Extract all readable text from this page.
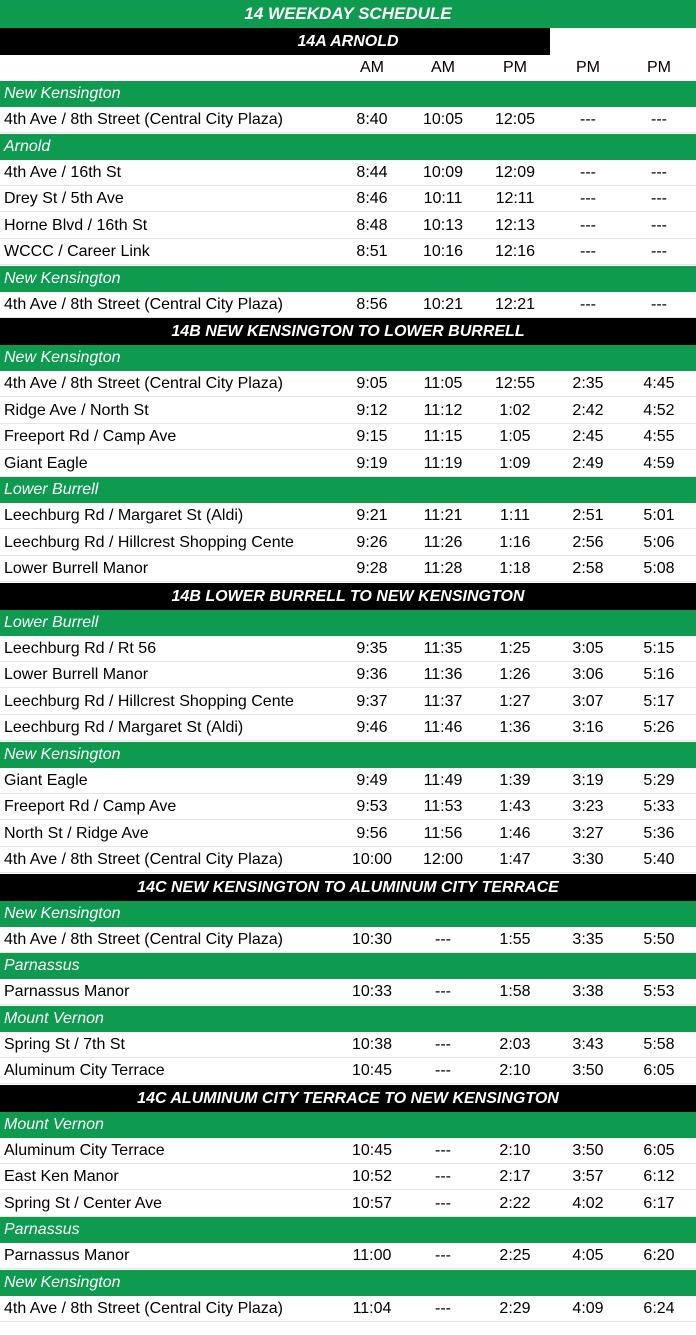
14 WEEKDAY SCHEDULE
14A ARNOLD
AM	AM	PM	PM	PM
New Kensington
4th Ave / 8th Street (Central City Plaza)	8:40	10:05	12:05	---	---
Arnold
4th Ave / 16th St	8:44	10:09	12:09	---	---
Drey St / 5th Ave	8:46	10:11	12:11	---	---
Horne Blvd / 16th St	8:48	10:13	12:13	---	---
WCCC / Career Link	8:51	10:16	12:16	---	---
New Kensington
4th Ave / 8th Street (Central City Plaza)	8:56	10:21	12:21	---	---
14B NEW KENSINGTON TO LOWER BURRELL
New Kensington
4th Ave / 8th Street (Central City Plaza)	9:05	11:05	12:55	2:35	4:45
Ridge Ave / North St	9:12	11:12	1:02	2:42	4:52
Freeport Rd / Camp Ave	9:15	11:15	1:05	2:45	4:55
Giant Eagle	9:19	11:19	1:09	2:49	4:59
Lower Burrell
Leechburg Rd / Margaret St (Aldi)	9:21	11:21	1:11	2:51	5:01
Leechburg Rd / Hillcrest Shopping Cente	9:26	11:26	1:16	2:56	5:06
Lower Burrell Manor	9:28	11:28	1:18	2:58	5:08
14B LOWER BURRELL TO NEW KENSINGTON
Lower Burrell
Leechburg Rd / Rt 56	9:35	11:35	1:25	3:05	5:15
Lower Burrell Manor	9:36	11:36	1:26	3:06	5:16
Leechburg Rd / Hillcrest Shopping Cente	9:37	11:37	1:27	3:07	5:17
Leechburg Rd / Margaret St (Aldi)	9:46	11:46	1:36	3:16	5:26
New Kensington
Giant Eagle	9:49	11:49	1:39	3:19	5:29
Freeport Rd / Camp Ave	9:53	11:53	1:43	3:23	5:33
North St / Ridge Ave	9:56	11:56	1:46	3:27	5:36
4th Ave / 8th Street (Central City Plaza)	10:00	12:00	1:47	3:30	5:40
14C NEW KENSINGTON TO ALUMINUM CITY TERRACE
New Kensington
4th Ave / 8th Street (Central City Plaza)	10:30	---	1:55	3:35	5:50
Parnassus
Parnassus Manor	10:33	---	1:58	3:38	5:53
Mount Vernon
Spring St / 7th St	10:38	---	2:03	3:43	5:58
Aluminum City Terrace	10:45	---	2:10	3:50	6:05
14C ALUMINUM CITY TERRACE TO NEW KENSINGTON
Mount Vernon
Aluminum City Terrace	10:45	---	2:10	3:50	6:05
East Ken Manor	10:52	---	2:17	3:57	6:12
Spring St / Center Ave	10:57	---	2:22	4:02	6:17
Parnassus
Parnassus Manor	11:00	---	2:25	4:05	6:20
New Kensington
4th Ave / 8th Street (Central City Plaza)	11:04	---	2:29	4:09	6:24
